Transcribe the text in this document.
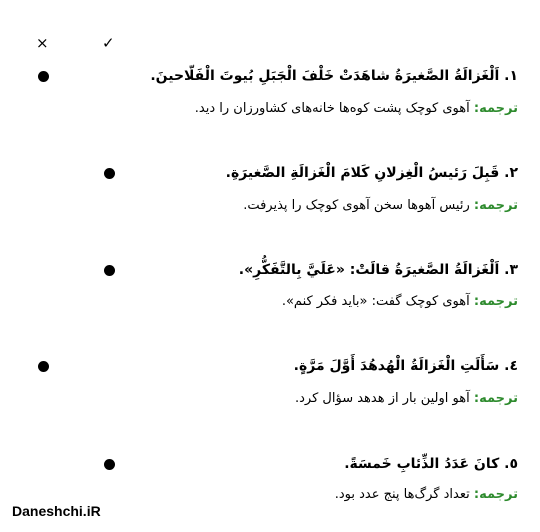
×	✓
١. اَلْغَزالَةُ الصَّغيرَةُ شاهَدَتْ خَلْفَ الْجَبَلِ بُيوتَ الْفَلّاحينَ.
ترجمه: آهوی کوچک پشت کوه‌ها خانه‌های کشاورزان را دید.
٢. قَبِلَ رَئيسُ الْغِزلانِ كَلامَ الْغَزالَةِ الصَّغيرَةِ.
ترجمه: رئیس آهوها سخن آهوی کوچک را پذیرفت.
٣. اَلْغَزالَةُ الصَّغيرَةُ قالَتْ: «عَلَيَّ بِالتَّفَكُّرِ».
ترجمه: آهوی کوچک گفت: «باید فکر کنم».
٤. سَأَلَتِ الْغَزالَةُ الْهُدهُدَ أَوَّلَ مَرَّةٍ.
ترجمه: آهو اولین بار از هدهد سؤال کرد.
٥. كانَ عَدَدُ الذِّئابِ خَمسَةً.
ترجمه: تعداد گرگ‌ها پنج عدد بود.
Daneshchi.iR
